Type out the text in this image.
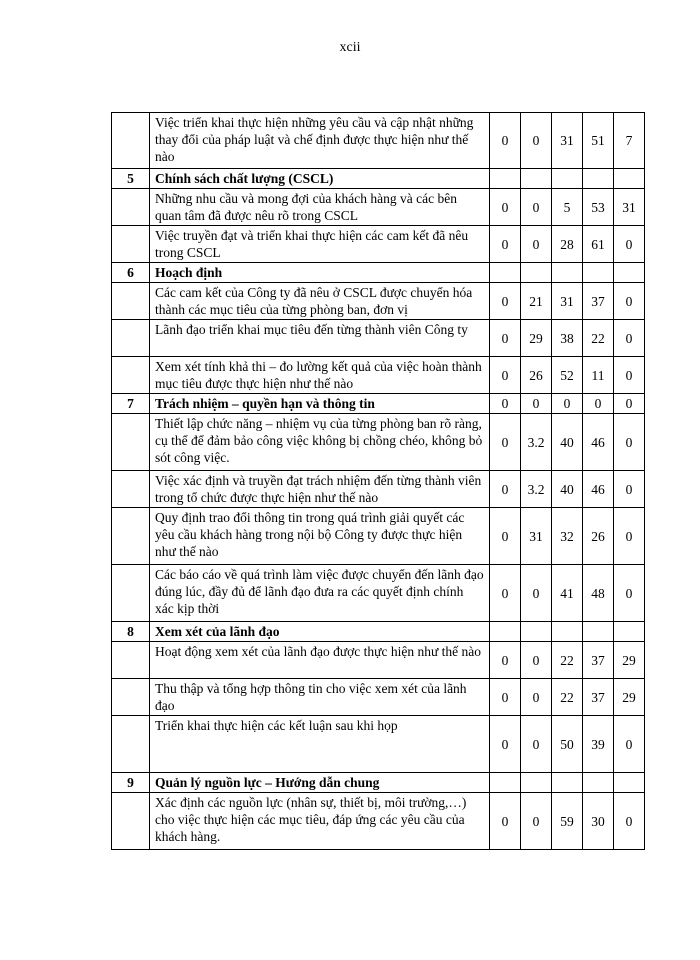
xcii
	Việc triển khai thực hiện những yêu cầu và cập nhật những thay đổi của pháp luật và chế định được thực hiện như thế nào	0	0	31	51	7
5	Chính sách chất lượng (CSCL)					
	Những nhu cầu và mong đợi của khách hàng và các bên quan tâm đã được nêu rõ trong CSCL	0	0	5	53	31
	Việc truyền đạt và triển khai thực hiện các cam kết đã nêu trong CSCL	0	0	28	61	0
6	Hoạch định					
	Các cam kết của Công ty đã nêu ở CSCL được chuyển hóa thành các mục tiêu của từng phòng ban, đơn vị	0	21	31	37	0
	Lãnh đạo triển khai mục tiêu đến từng thành viên Công ty	0	29	38	22	0
	Xem xét tính khả thi – đo lường kết quả của việc hoàn thành mục tiêu được thực hiện như thế nào	0	26	52	11	0
7	Trách nhiệm – quyền hạn và thông tin	0	0	0	0	0
	Thiết lập chức năng – nhiệm vụ của từng phòng ban rõ ràng, cụ thể để đảm bảo công việc không bị chồng chéo, không bỏ sót công việc.	0	3.2	40	46	0
	Việc xác định và truyền đạt trách nhiệm đến từng thành viên trong tổ chức được thực hiện như thế nào	0	3.2	40	46	0
	Quy định trao đổi thông tin trong quá trình giải quyết các yêu cầu khách hàng trong nội bộ Công ty được thực hiện như thế nào	0	31	32	26	0
	Các báo cáo về quá trình làm việc được chuyển đến lãnh đạo đúng lúc, đầy đủ để lãnh đạo đưa ra các quyết định chính xác kịp thời	0	0	41	48	0
8	Xem xét của lãnh đạo					
	Hoạt động xem xét của lãnh đạo được thực hiện như thế nào	0	0	22	37	29
	Thu thập và tổng hợp thông tin cho việc xem xét của lãnh đạo	0	0	22	37	29
	Triển khai thực hiện các kết luận sau khi họp	0	0	50	39	0
9	Quản lý nguồn lực – Hướng dẫn chung					
	Xác định các nguồn lực (nhân sự, thiết bị, môi trường,…) cho việc thực hiện các mục tiêu, đáp ứng các yêu cầu của khách hàng.	0	0	59	30	0
